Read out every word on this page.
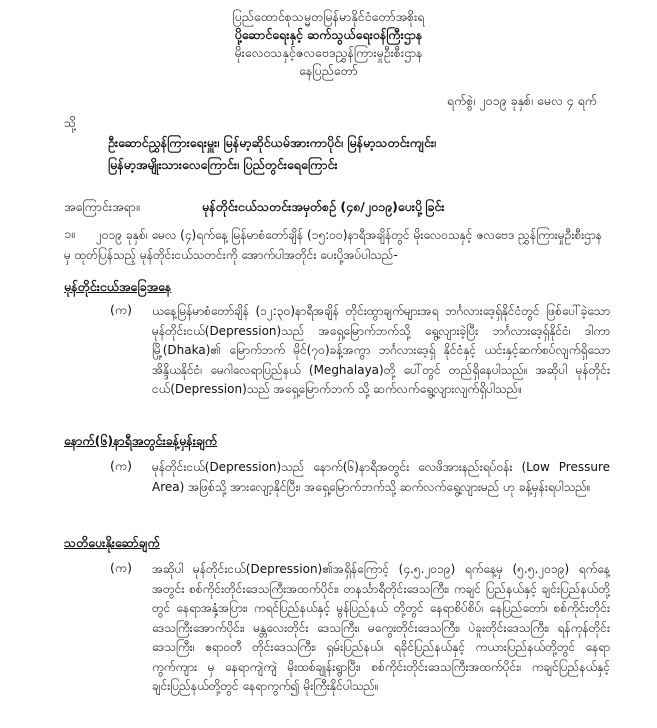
ပြည်ထောင်စုသမ္မတမြန်မာနိုင်ငံတော်အစိုးရ
ပို့ဆောင်ရေးနှင့် ဆက်သွယ်ရေးဝန်ကြီးဌာန
မိုးလေဝသနှင့်ဇလဗေဒညွှန်ကြားမှုဦးစီးဌာန
နေပြည်တော်
ရက်စွဲ၊ ၂၀၁၉ ခုနှစ်၊ မေလ ၄ ရက်
သို့
ဦးဆောင်ညွှန်ကြားရေးမှူး၊ မြန်မာ့ဆိုင်ယမ်အားကာပိုင်၊ မြန်မာ့သတင်းကျင်း၊
မြန်မာ့အမျိုးသားလေကြောင်း၊ ပြည်တွင်းရေကြောင်း
အကြောင်းအရာ။	မုန်တိုင်းငယ်သတင်းအမှတ်စဉ် (၄၈/၂၀၁၉)ပေးပို့ခြင်း
၁။	၂၀၁၉ ခုနှစ်၊ မေလ (၄)ရက်နေ့ မြန်မာစံတော်ချိန် (၁၅:၀၀)နာရီအချိန်တွင် မိုးလေဝသနှင့် ဇလဗေဒ ညွှန်ကြားမှုဦးစီးဌာနမှ ထုတ်ပြန်သည့် မုန်တိုင်းငယ်သတင်းကို အောက်ပါအတိုင်း ပေးပို့အပ်ပါသည်-
မုန်တိုင်းငယ်အခြေအနေ
(က) ယနေ့မြန်မာစံတော်ချိန် (၁၂:၃၀)နာရီအချိန် တိုင်းထွာချက်များအရ ဘင်္ဂလားဒေ့ရှ်နိုင်ငံတွင် ဖြစ်ပေါ်ခဲ့သော မုန်တိုင်းငယ်(Depression)သည် အရှေ့မြောက်ဘက်သို့ ရွေ့လျားခဲ့ပြီး ဘင်္ဂလားဒေ့ရှ်နိုင်ငံ၊ ဒါကာမြို့(Dhaka)၏ မြောက်ဘက် မိုင်(၇၀)ခန့်အကွာ ဘင်္ဂလားဒေ့ရှ် နိုင်ငံနှင့် ယင်းနှင့်ဆက်စပ်လျက်ရှိသော အိန္ဒိယနိုင်ငံ၊ မေဂါလေရာပြည်နယ် (Meghalaya)တို့ ပေါ်တွင် တည်ရှိနေပါသည်။ အဆိုပါ မုန်တိုင်းငယ်(Depression)သည် အရှေ့မြောက်ဘက် သို့ ဆက်လက်ရွေ့လျားလျက်ရှိပါသည်။
နောက်(၆)နာရီအတွင်းခန့်မှန်းချက်
(က) မုန်တိုင်းငယ်(Depression)သည် နောက်(၆)နာရီအတွင်း လေဖိအားနည်းရပ်ဝန်း (Low Pressure Area) အဖြစ်သို့ အားလျော့နိုင်ပြီး၊ အရှေ့မြောက်ဘက်သို့ ဆက်လက်ရွေ့လျားမည် ဟု ခန့်မှန်းရပါသည်။
သတိပေးနိုးဆော်ချက်
(က) အဆိုပါ မုန်တိုင်းငယ်(Depression)၏အရှိန်ကြောင့် (၄.၅.၂၀၁၉) ရက်နေ့မှ (၅.၅.၂၀၁၉) ရက်နေ့အတွင်း စစ်ကိုင်းတိုင်းဒေသကြီးအထက်ပိုင်း၊ တနင်္သာရီတိုင်းဒေသကြီး၊ ကချင် ပြည်နယ်နှင့် ချင်းပြည်နယ်တို့တွင် နေရာအနှံ့အပြား၊ ကရင်ပြည်နယ်နှင့် မွန်ပြည်နယ် တို့တွင် နေရာစိပ်စိပ်၊ နေပြည်တော်၊ စစ်ကိုင်းတိုင်းဒေသကြီးအောက်ပိုင်း၊ မန္တလေးတိုင်း ဒေသကြီး၊ မကွေးတိုင်းဒေသကြီး၊ ပဲခူးတိုင်းဒေသကြီး၊ ရန်ကုန်တိုင်းဒေသကြီး၊ ဧရာဝတီ တိုင်းဒေသကြီး၊ ရှမ်းပြည်နယ်၊ ရခိုင်ပြည်နယ်နှင့် ကယားပြည်နယ်တို့တွင် နေရာကွက်ကျား မှ နေရာကျဲကျဲ မိုးထစ်ချုန်းရွာပြီး၊ စစ်ကိုင်းတိုင်းဒေသကြီးအထက်ပိုင်း၊ ကချင်ပြည်နယ်နှင့် ချင်းပြည်နယ်တို့တွင် နေရာကွက်၍ မိုးကြီးနိုင်ပါသည်။
